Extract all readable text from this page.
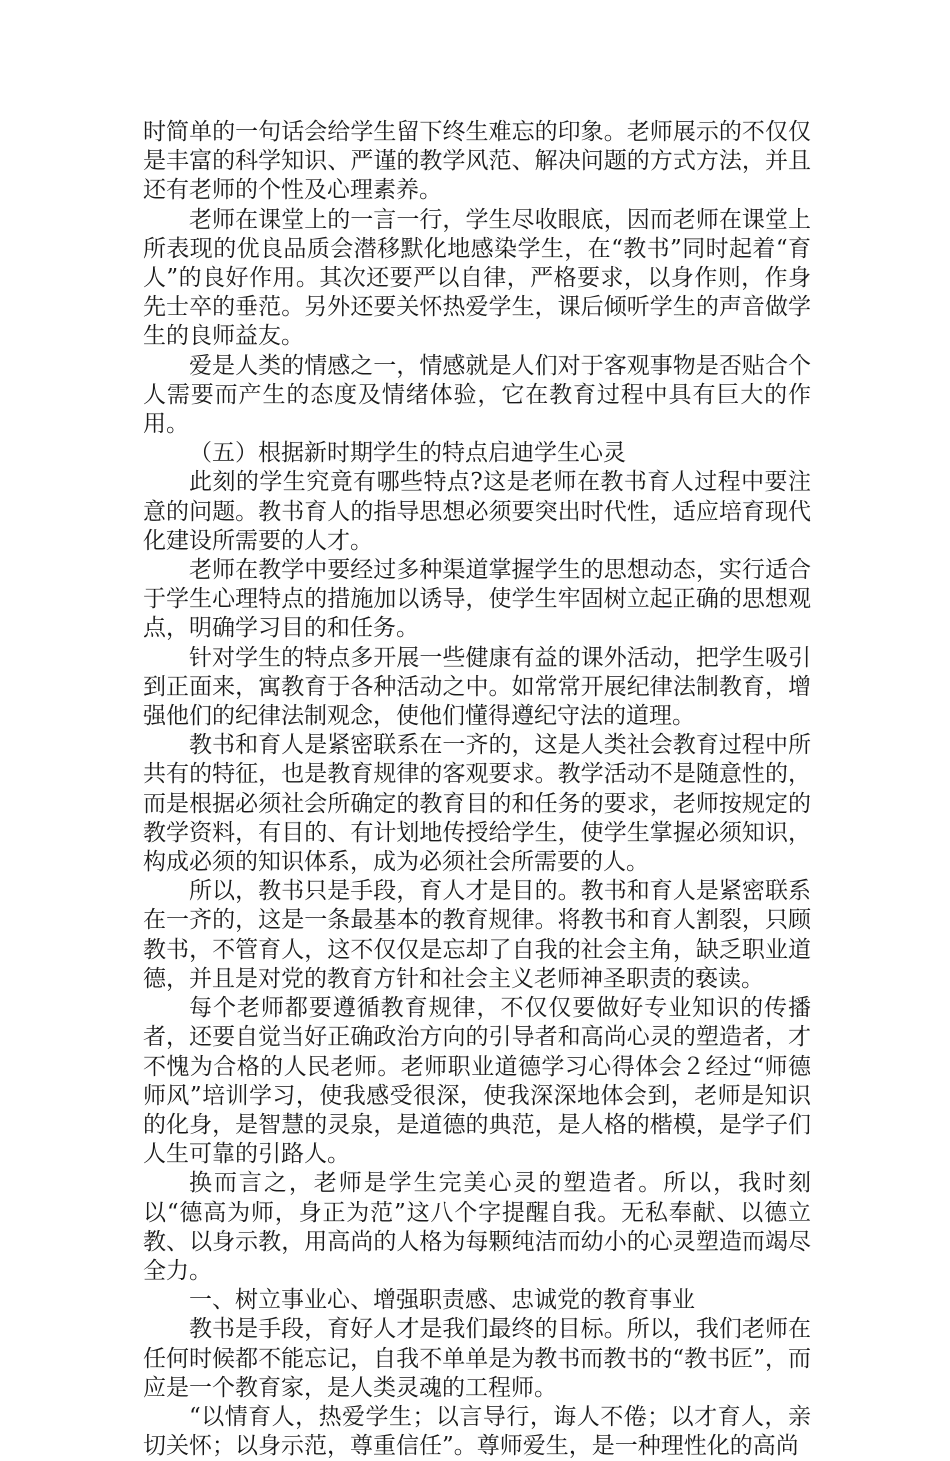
时简单的一句话会给学生留下终生难忘的印象。老师展示的不仅仅是丰富的科学知识、严谨的教学风范、解决问题的方式方法，并且还有老师的个性及心理素养。

老师在课堂上的一言一行，学生尽收眼底，因而老师在课堂上所表现的优良品质会潜移默化地感染学生，在“教书”同时起着“育人”的良好作用。其次还要严以自律，严格要求，以身作则，作身先士卒的垂范。另外还要关怀热爱学生，课后倾听学生的声音做学生的良师益友。

爱是人类的情感之一，情感就是人们对于客观事物是否贴合个人需要而产生的态度及情绪体验，它在教育过程中具有巨大的作用。

（五）根据新时期学生的特点启迪学生心灵

此刻的学生究竟有哪些特点?这是老师在教书育人过程中要注意的问题。教书育人的指导思想必须要突出时代性，适应培育现代化建设所需要的人才。

老师在教学中要经过多种渠道掌握学生的思想动态，实行适合于学生心理特点的措施加以诱导，使学生牢固树立起正确的思想观点，明确学习目的和任务。

针对学生的特点多开展一些健康有益的课外活动，把学生吸引到正面来，寓教育于各种活动之中。如常常开展纪律法制教育，增强他们的纪律法制观念，使他们懂得遵纪守法的道理。

教书和育人是紧密联系在一齐的，这是人类社会教育过程中所共有的特征，也是教育规律的客观要求。教学活动不是随意性的，而是根据必须社会所确定的教育目的和任务的要求，老师按规定的教学资料，有目的、有计划地传授给学生，使学生掌握必须知识，构成必须的知识体系，成为必须社会所需要的人。

所以，教书只是手段，育人才是目的。教书和育人是紧密联系在一齐的，这是一条最基本的教育规律。将教书和育人割裂，只顾教书，不管育人，这不仅仅是忘却了自我的社会主角，缺乏职业道德，并且是对党的教育方针和社会主义老师神圣职责的亵读。

每个老师都要遵循教育规律，不仅仅要做好专业知识的传播者，还要自觉当好正确政治方向的引导者和高尚心灵的塑造者，才不愧为合格的人民老师。老师职业道德学习心得体会２经过“师德师风”培训学习，使我感受很深，使我深深地体会到，老师是知识的化身，是智慧的灵泉，是道德的典范，是人格的楷模，是学子们人生可靠的引路人。

换而言之，老师是学生完美心灵的塑造者。所以，我时刻以“德高为师，身正为范”这八个字提醒自我。无私奉献、以德立教、以身示教，用高尚的人格为每颗纯洁而幼小的心灵塑造而竭尽全力。

一、树立事业心、增强职责感、忠诚党的教育事业

教书是手段，育好人才是我们最终的目标。所以，我们老师在任何时候都不能忘记，自我不单单是为教书而教书的“教书匠”，而应是一个教育家，是人类灵魂的工程师。

“以情育人，热爱学生；以言导行，诲人不倦；以才育人，亲切关怀；以身示范，尊重信任”。尊师爱生，是一种理性化的高尚
